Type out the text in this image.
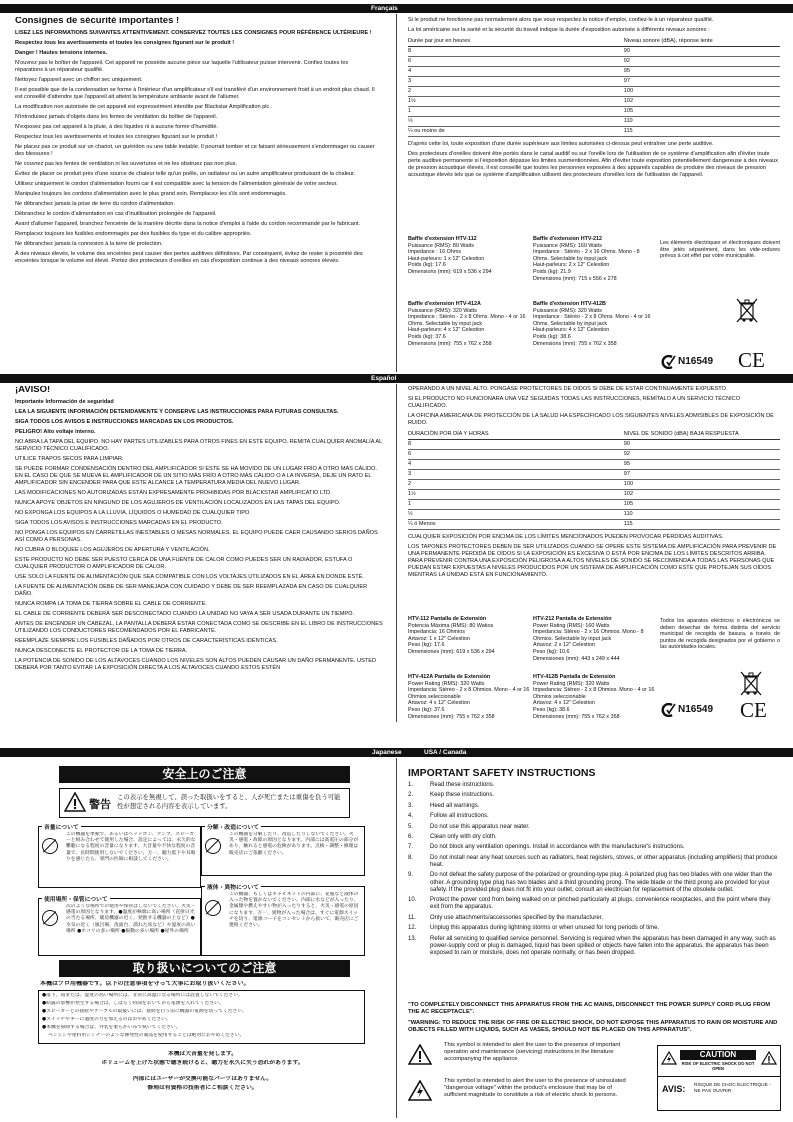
Français
Consignes de sécurité importantes !

LISEZ LES INFORMATIONS SUIVANTES ATTENTIVEMENT. CONSERVEZ TOUTES LES CONSIGNES POUR RÉFÉRENCE ULTÉRIEURE !

Respectez tous les avertissements et toutes les consignes figurant sur le produit !

Danger ! Hautes tensions internes.

N'ouvrez pas le boîtier de l'appareil. Cet appareil ne possède aucune pièce sur laquelle l'utilisateur puisse intervenir. Confiez toutes les réparations à un réparateur qualifié.

Nettoyez l'appareil avec un chiffon sec uniquement.

Il est possible que de la condensation se forme à l'intérieur d'un amplificateur s'il est transféré d'un environnement froid à un endroit plus chaud. Il est conseillé d'attendre que l'appareil ait atteint la température ambiante avant de l'allumer.

La modification non autorisée de cet appareil est expressément interdite par Blackstar Amplification plc.

N'introduisez jamais d'objets dans les fentes de ventilation du boîtier de l'appareil.

N'exposez pas cet appareil à la pluie, à des liquides ni à aucune forme d'humidité.

Respectez tous les avertissements et toutes les consignes figurant sur le produit !

Ne placez pas ce produit sur un chariot, un guéridon ou une table instable. Il pourrait tomber et ce faisant sérieusement s'endommager ou causer des blessures !

Ne couvrez pas les fentes de ventilation ni les ouvertures et ne les obstruez pas non plus.

Évitez de placer ce produit près d'une source de chaleur telle qu'un poêle, un radiateur ou un autre amplificateur produisant de la chaleur.

Utilisez uniquement le cordon d'alimentation fourni car il est compatible avec la tension de l'alimentation générale de votre secteur.

Manipulez toujours les cordons d'alimentation avec le plus grand soin. Remplacez-les s'ils sont endommagés.

Ne débranchez jamais la prise de terre du cordon d'alimentation.

Débranchez le cordon d'alimentation en cas d'inutilisation prolongée de l'appareil.

Avant d'allumer l'appareil, branchez l'enceinte de la manière décrite dans la notice d'emploi à l'aide du cordon recommandé par le fabricant.

Remplacez toujours les fusibles endommagés par des fusibles du type et du calibre appropriés.

Ne débranchez jamais la connexion à la terre de protection.

À des niveaux élevés, le volume des enceintes peut causer des pertes auditives définitives. Par conséquent, évitez de rester à proximité des enceintes lorsque le volume est élevé. Portez des protecteurs d'oreilles en cas d'exposition continue à des niveaux sonores élevés.

Si le produit ne fonctionne pas normalement alors que vous respectez la notice d'emploi, confiez-le à un réparateur qualifié.

La loi américaine sur la santé et la sécurité du travail indique la durée d'exposition autorisée à différents niveaux sonores :

Durée par jour en heures	Niveau sonore (dBA), réponse lente
8	90
6	92
4	95
3	97
2	100
1½	102
1	105
½	110
¼ ou moins de	115

D'après cette loi, toute exposition d'une durée supérieure aux limites autorisées ci-dessus peut entraîner une perte auditive.

Des protecteurs d'oreilles doivent être portés dans le canal auditif ou sur l'oreille lors de l'utilisation de ce système d'amplification afin d'éviter toute perte auditive permanente si l'exposition dépasse les limites susmentionnées. Afin d'éviter toute exposition potentiellement dangereuse à des niveaux de pression acoustique élevés, il est conseillé que toutes les personnes exposées à des appareils capables de produire des niveaux de pression acoustique élevés tels que ce système d'amplification utilisent des protecteurs d'oreilles lors de l'utilisation de l'appareil.

Baffle d'extension HTV-112
Puissance (RMS): 80 Watts
Impedance : 16 Ohms
Haut-parleurs: 1 x 12" Celestion
Poids (kg): 17.6
Dimensions (mm): 619 x 536 x 294
Baffle d'extension HTV-212
Puissance (RMS): 160 Watts
Impedance : Stéréo - 2 x 16 Ohms. Mono - 8 Ohms. Selectable by input jack
Haut-parleurs: 2 x 12" Celestion
Poids (kg): 21.9
Dimensions (mm): 715 x 556 x 278
Baffle d'extension HTV-412A
Puissance (RMS): 320 Watts
Impedance : Stéréo - 2 x 8 Ohms. Mono - 4 or 16 Ohms. Selectable by input jack
Haut-parleurs: 4 x 12" Celestion
Poids (kg): 37.6
Dimensions (mm): 755 x 762 x 358
Baffle d'extension HTV-412B
Puissance (RMS): 320 Watts
Impedance : Stéréo - 2 x 8 Ohms. Mono - 4 or 16 Ohms. Selectable by input jack
Haut-parleurs: 4 x 12" Celestion
Poids (kg): 38.6
Dimensions (mm): 755 x 762 x 358
Les éléments électriques et électroniques doivent être jetés séparément, dans les vide-ordures prévus à cet effet par votre municipalité.
N16549 CE
Español
¡AVISO!

Importante Información de seguridad

LEA LA SIGUIENTE INFORMACIÓN DETENIDAMENTE Y CONSERVE LAS INSTRUCCIONES PARA FUTURAS CONSULTAS.

SIGA TODOS LOS AVISOS E INSTRUCCIONES MARCADAS EN LOS PRODUCTOS.

PELIGRO! Alto voltaje interno.

NO ABRA LA TAPA DEL EQUIPO. NO HAY PARTES UTILIZABLES PARA OTROS FINES EN ESTE EQUIPO. REMITA CUALQUIER ANOMALÍA AL SERVICIO TÉCNICO CUALIFICADO.

UTILICE TRAPOS SECOS PARA LIMPIAR.

SE PUEDE FORMAR CONDENSACIÓN DENTRO DEL AMPLIFICADOR SI ESTE SE HA MOVIDO DE UN LUGAR FRÍO A OTRO MÁS CÁLIDO. EN EL CASO DE QUE SE MUEVA EL AMPLIFICADOR DE UN SITIO MÁS FRÍO A OTRO MÁS CÁLIDO O A LA INVERSA, DEJE UN RATO EL AMPLIFICADOR SIN ENCENDER PARA QUE ESTE ALCANCE LA TEMPERATURA MEDIA DEL NUEVO LUGAR.

LAS MODIFICACIONES NO AUTORIZADAS ESTÁN EXPRESAMENTE PROHIBIDAS POR BLACKSTAR AMPLIFICATIO LTD.

NUNCA APOYE OBJETOS EN NINGUNO DE LOS AGUJEROS DE VENTILACIÓN LOCALIZADOS EN LAS TAPAS DEL EQUIPO.

NO EXPONGA LOS EQUIPOS A LA LLUVIA, LÍQUIDOS O HUMEDAD DE CUALQUIER TIPO.

SIGA TODOS LOS AVISOS E INSTRUCCIONES MARCADAS EN EL PRODUCTO.

NO PONGA LOS EQUIPOS EN CARRETILLAS INESTABLES O MESAS NORMALES. EL EQUIPO PUEDE CAER CAUSANDO SERIOS DAÑOS ASÍ COMO A PERSONAS.

NO CUBRA O BLOQUEE LOS AGUJEROS DE APERTURA Y VENTILACIÓN.

ESTE PRODUCTO NO DEBE SER PUESTO CERCA DE UNA FUENTE DE CALOR COMO PUEDES SER UN RADIADOR, ESTUFA O CUALQUIER PRODUCTOR O AMPLIFICADOR DE CALOR.

USE SOLO LA FUENTE DE ALIMENTACIÓN QUE SEA COMPATIBLE CON LOS VOLTAJES UTILIZADOS EN EL ÁREA EN DONDE ESTÉ.

LA FUENTE DE ALIMENTACIÓN DEBE DE SER MANEJADA CON CUIDADO Y DEBE DE SER REEMPLAZADA EN CASO DE CUALQUIER DAÑO.

NUNCA ROMPA LA TOMA DE TIERRA SOBRE EL CABLE DE CORRIENTE.

EL CABLE DE CORRIENTE DEBERÁ SER DESCONECTADO CUANDO LA UNIDAD NO VAYA A SER USADA DURANTE UN TIEMPO.

ANTES DE ENCENDER UN CABEZAL, LA PANTALLA DEBERÁ ESTAR CONECTADA COMO SE DESCRIBE EN EL LIBRO DE INSTRUCCIONES UTILIZANDO LOS CONDUCTORES RECOMENDADOS POR EL FABRICANTE.

REEMPLAZE SIEMPRE LOS FUSIBLES DAÑADOS POR OTROS DE CARACTERÍSTICAS IDÉNTICAS.

NUNCA DESCONECTE EL PROTECTOR DE LA TOMA DE TIERRA.

LA POTENCIA DE SONIDO DE LOS ALTAVOCES CUANDO LOS NIVELES SON ALTOS PUEDEN CAUSAR UN DAÑO PERMANENTE. USTED DEBERÁ POR TANTO EVITAR LA EXPOSICIÓN DIRECTA A LOS ALTAVOCES CUANDO ESTOS ESTÉN

OPERANDO A UN NIVEL ALTO. PONGASE PROTECTORES DE OIDOS SI DEBE DE ESTAR CONTINUAMENTE EXPUESTO.

SI EL PRODUCTO NO FUNCIONARA UNA VEZ SEGUIDAS TODAS LAS INSTRUCCIONES, REMÍTALO A UN SERVICIO TÉCNICO CUALIFICADO.

LA OFICINA AMERICANA DE PROTECCIÓN DE LA SALUD HA ESPECIFICADO LOS SIGUIENTES NIVELES ADMISIBLES DE EXPOSICIÓN DE RUIDO.

DURACIÓN POR DÍA Y HORAS	NIVEL DE SONIDO (dBA) BAJA RESPUESTA
8	90
6	92
4	95
3	97
2	100
1½	102
1	105
½	110
¼ ó Menos	115

CUALQUIER EXPOSICIÓN POR ENCIMA DE LOS LÍMITES MENCIONADOS PUEDEN PROVOCAR PÉRDIDAS AUDITIVAS.

LOS TAPONES PROTECTORES DEBEN DE SER UTILIZADOS CUANDO SE OPERE ESTE SISTEMA DE AMPLIFICACIÓN PARA PREVENIR DE UNA PERMANENTE PÉRDIDA DE OÍDOS SI LA EXPOSICIÓN ES EXCESIVA O ESTÁ POR ENCIMA DE LOS LÍMITES DESCRITOS ARRIBA. PARA PREVENIR CONTRA UNA EXPOSICIÓN PELIGROSA A ALTOS NIVELES DE SONIDO SE RECOMIENDA A TODAS LAS PERSONAS QUE PUEDAN ESTAR EXPUESTAS A NIVELES PRODUCIDOS POR UN SISTEMA DE AMPLIFICACIÓN COMO ESTE QUE PROTEJAN SUS OÍDOS MIENTRAS LA UNIDAD ESTÁ EN FUNCIONAMIENTO.

HTV-112 Pantalla de Extensión
Potencia Máxima (RMS): 80 Watios
Impedancia: 16 Ohmios
Artavoz: 1 x 12" Celestion
Peso (kg): 17.6
Dimensiones (mm): 619 x 536 x 294
HTV-212 Pantalla de Extensión
Power Rating (RMS): 160 Watts
Impedancia: Stéreo - 2 x 16 Ohmios. Mono - 8 Ohmios. Selectable by input jack
Artavoz: 2 x 12" Celestion
Peso (kg): 10.6
Dimensiones (mm): 443 x 249 x 444
HTV-412A Pantalla de Extensión
Power Rating (RMS): 320 Watts
Impedancia: Stéreo - 2 x 8 Ohmios. Mono - 4 or 16 Ohmios seleccionable
Artavoz: 4 x 12" Celestion
Peso (kg): 37.6
Dimensiones (mm): 755 x 762 x 358
HTV-412B Pantalla de Extensión
Power Rating (RMS): 320 Watts
Impedancia: Stéreo - 2 x 8 Ohmios. Mono - 4 or 16 Ohmios seleccionable
Artavoz: 4 x 12" Celestion
Peso (kg): 38.6
Dimensiones (mm): 755 x 762 x 358
Todos los aparatos eléctricos o electrónicos se deben desechar de forma distinta del servicio municipal de recogida de basura, a través de puntos de recogida designados por el gobierno o las autoridades locales.
N16549 CE
Japanese	USA / Canada
安全上のご注意
警告
この表示を無視して、誤った取扱いをすると、人が死亡または重傷を負う可能性が想定される内容を表示しています。
音量について
この機器を単独で、あるいはヘッドホン、アンプ、スピーカーと組み合わせて使用した場合、設定によっては、永久的な難聴になる程度の音量になります。大音量や不快な程度の音量で、長時間使用しないでください。万一、聴力低下や耳鳴りを感じたら、専門の医師に相談してください。
分解・改造について
この機器を分解したり、改造したりしないでください。火災・感電・故障の原因となります。内部には高電圧の部分があり、触れると感電の危険があります。点検・調整・修理は販売店にご依頼ください。
使用場所・保管について
次のような場所での使用や保管はしないでください。火災・感電の原因となります。●温度が極端に高い場所（直射日光の当たる場所、暖房機器の近く、発熱する機器の上など）●水気の近く（風呂場、洗面台、濡れた床など）や湿度の高い場所 ●ホコリの多い場所 ●振動の多い場所 ●屋外の場所
液体・異物について
この機器、もしくはキャビネットの内部に、花瓶など液体の入った物を置かないでください。内部に水などが入ったり、金属類や燃えやすい物が入ったりすると、火災・感電の原因になります。万一、異物が入った場合は、すぐに電源スイッチを切り、電源コードをコンセントから抜いて、販売店にご連絡ください。
取り扱いについてのご注意
本機はプロ用機器です。以下の注意事項を守って大事にお取り扱いください。
●落下、雨または、湿度の高い場所には、非常に高温になる場所には設置しないでください。
●結露の影響が発生する場合は、しばらく時間をおいてから電源を入れてください。
●スピーカーとの接続やケーブルの取扱いには、接続を行う前に機器の電源を切ってください。
●スイッチやキーに過度の力を加えるのはおやめください。
●本機を掃除する場合は、外装を柔らかい布で拭いてください。
ベンジンや塗料用シンナーのような揮発性の薬品を使用することは絶対におやめください。
本機は大音量を発します。
ボリュームを上げた状態で聴き続けると、聴力を永久に失う恐れがあります。
内部にはユーザーが交換可能なパーツはありません。
修理は有資格の技術者にご相談ください。
IMPORTANT SAFETY INSTRUCTIONS
1.	Read these instructions.
2.	Keep these instructions.
3.	Heed all warnings.
4.	Follow all instructions.
5.	Do not use this apparatus near water.
6.	Clean only with dry cloth.
7.	Do not block any ventilation openings. Install in accordance with the manufacturer's instructions.
8.	Do not install near any heat sources such as radiators, heat registers, stoves, or other apparatus (including amplifiers) that produce heat.
9.	Do not defeat the safety purpose of the polarized or grounding-type plug. A polarized plug has two blades with one wider than the other. A grounding type plug has two blades and a third grounding prong. The wide blade or the third prong are provided for your safety. If the provided plug does not fit into your outlet, consult an electrician for replacement of the obsolete outlet.
10. Protect the power cord from being walked on or pinched particularly at plugs, convenience receptacles, and the point where they exit from the apparatus.
11. Only use attachments/accessories specified by the manufacturer.
12. Unplug this apparatus during lightning storms or when unused for long periods of time.
13. Refer all servicing to qualified service personnel. Servicing is required when the apparatus has been damaged in any way, such as power-supply cord or plug is damaged, liquid has been spilled or objects have fallen into the apparatus, the apparatus has been exposed to rain or moisture, does not operate normally, or has been dropped.
"TO COMPLETELY DISCONNECT THIS APPARATUS FROM THE AC MAINS, DISCONNECT THE POWER SUPPLY CORD PLUG FROM THE AC RECEPTACLE".
"WARNING: TO REDUCE THE RISK OF FIRE OR ELECTRIC SHOCK, DO NOT EXPOSE THIS APPARATUS TO RAIN OR MOISTURE AND OBJECTS FILLED WITH LIQUIDS, SUCH AS VASES, SHOULD NOT BE PLACED ON THIS APPARATUS".
This symbol is intended to alert the user to the presence of important operation and maintenance (servicing) instructions in the literature accompanying the appliance.
This symbol is intended to alert the user to the presence of uninsulated "dangerous voltage" within the product's enclosure that may be of sufficient magnitude to constitute a risk of electric shock to persons.
CAUTION
RISK OF ELECTRIC SHOCK DO NOT OPEN
AVIS: RISQUE DE CHOC ÉLECTRIQUE - NE PAS OUVRIR
